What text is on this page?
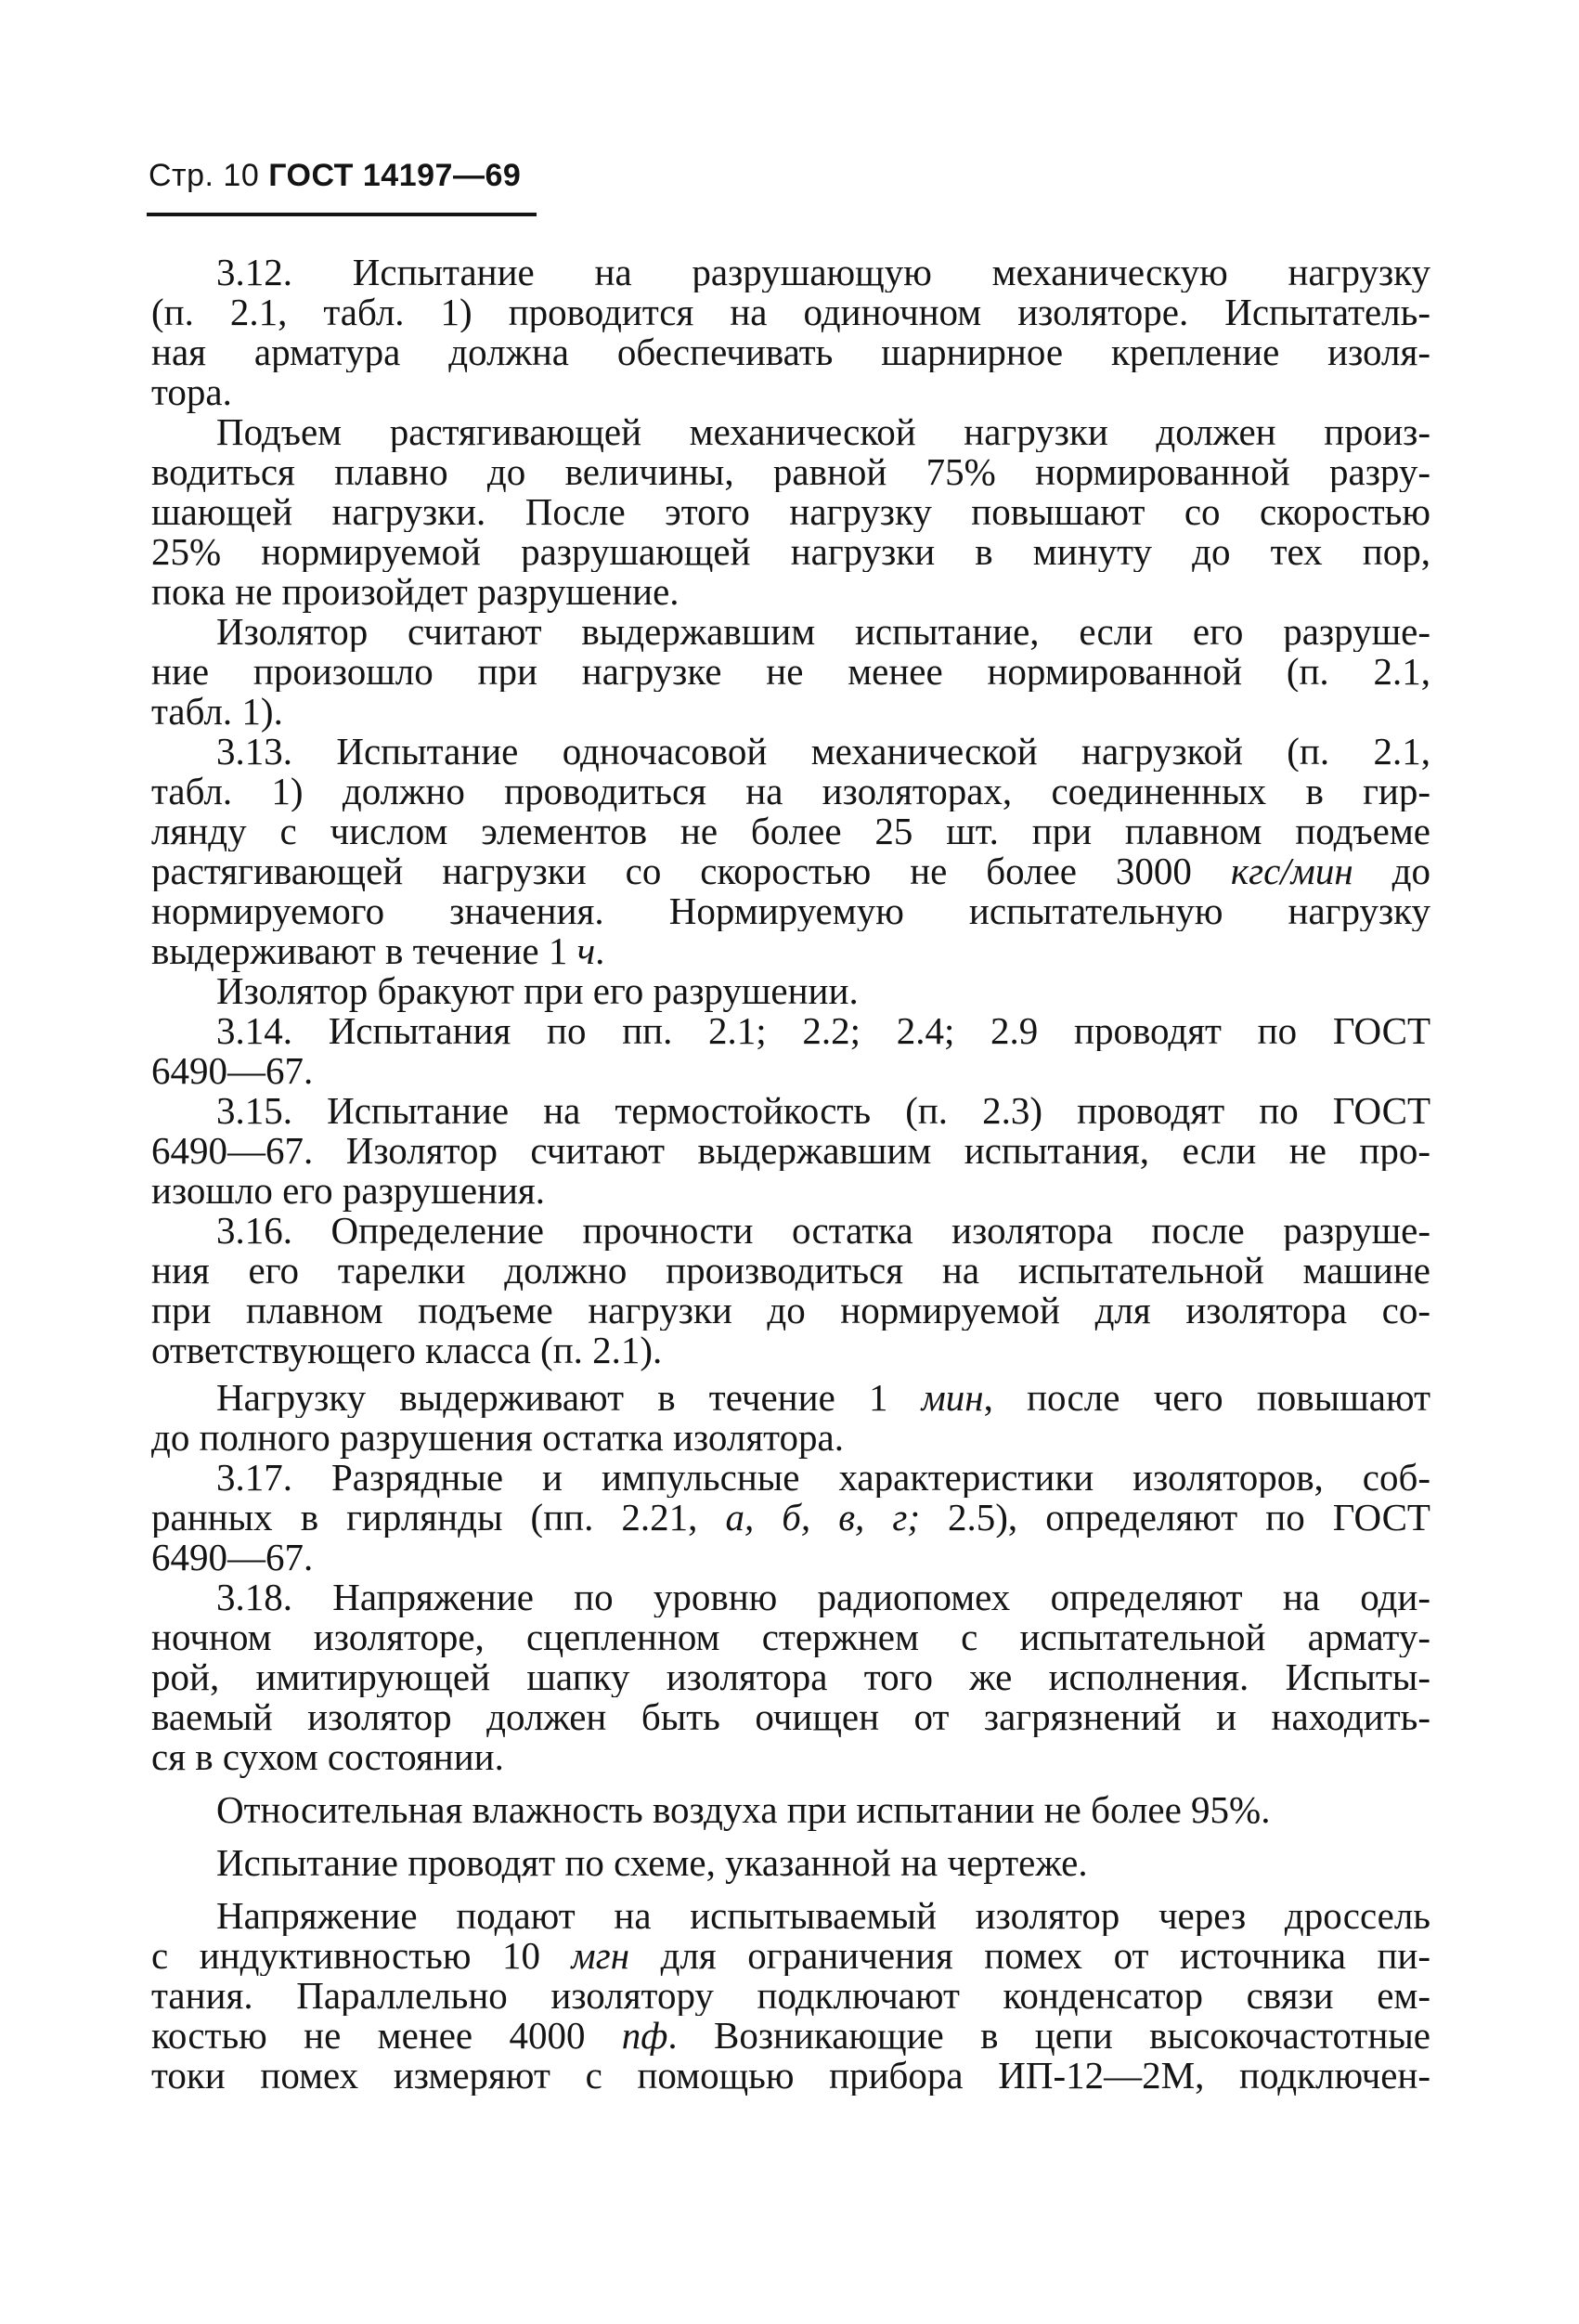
Стр. 10 ГОСТ 14197—69
3.12. Испытание на разрушающую механическую нагрузку
(п. 2.1, табл. 1) проводится на одиночном изоляторе. Испытатель-
ная арматура должна обеспечивать шарнирное крепление изоля-
тора.
Подъем растягивающей механической нагрузки должен произ-
водиться плавно до величины, равной 75% нормированной разру-
шающей нагрузки. После этого нагрузку повышают со скоростью
25% нормируемой разрушающей нагрузки в минуту до тех пор,
пока не произойдет разрушение.
Изолятор считают выдержавшим испытание, если его разруше-
ние произошло при нагрузке не менее нормированной (п. 2.1,
табл. 1).
3.13. Испытание одночасовой механической нагрузкой (п. 2.1,
табл. 1) должно проводиться на изоляторах, соединенных в гир-
лянду с числом элементов не более 25 шт. при плавном подъеме
растягивающей нагрузки со скоростью не более 3000 кгс/мин до
нормируемого значения. Нормируемую испытательную нагрузку
выдерживают в течение 1 ч.
Изолятор бракуют при его разрушении.
3.14. Испытания по пп. 2.1; 2.2; 2.4; 2.9 проводят по ГОСТ
6490—67.
3.15. Испытание на термостойкость (п. 2.3) проводят по ГОСТ
6490—67. Изолятор считают выдержавшим испытания, если не про-
изошло его разрушения.
3.16. Определение прочности остатка изолятора после разруше-
ния его тарелки должно производиться на испытательной машине
при плавном подъеме нагрузки до нормируемой для изолятора со-
ответствующего класса (п. 2.1).
Нагрузку выдерживают в течение 1 мин, после чего повышают
до полного разрушения остатка изолятора.
3.17. Разрядные и импульсные характеристики изоляторов, соб-
ранных в гирлянды (пп. 2.21, а, б, в, г; 2.5), определяют по ГОСТ
6490—67.
3.18. Напряжение по уровню радиопомех определяют на оди-
ночном изоляторе, сцепленном стержнем с испытательной армату-
рой, имитирующей шапку изолятора того же исполнения. Испыты-
ваемый изолятор должен быть очищен от загрязнений и находить-
ся в сухом состоянии.
Относительная влажность воздуха при испытании не более 95%.
Испытание проводят по схеме, указанной на чертеже.
Напряжение подают на испытываемый изолятор через дроссель
с индуктивностью 10 мгн для ограничения помех от источника пи-
тания. Параллельно изолятору подключают конденсатор связи ем-
костью не менее 4000 пф. Возникающие в цепи высокочастотные
токи помех измеряют с помощью прибора ИП-12—2М, подключен-
